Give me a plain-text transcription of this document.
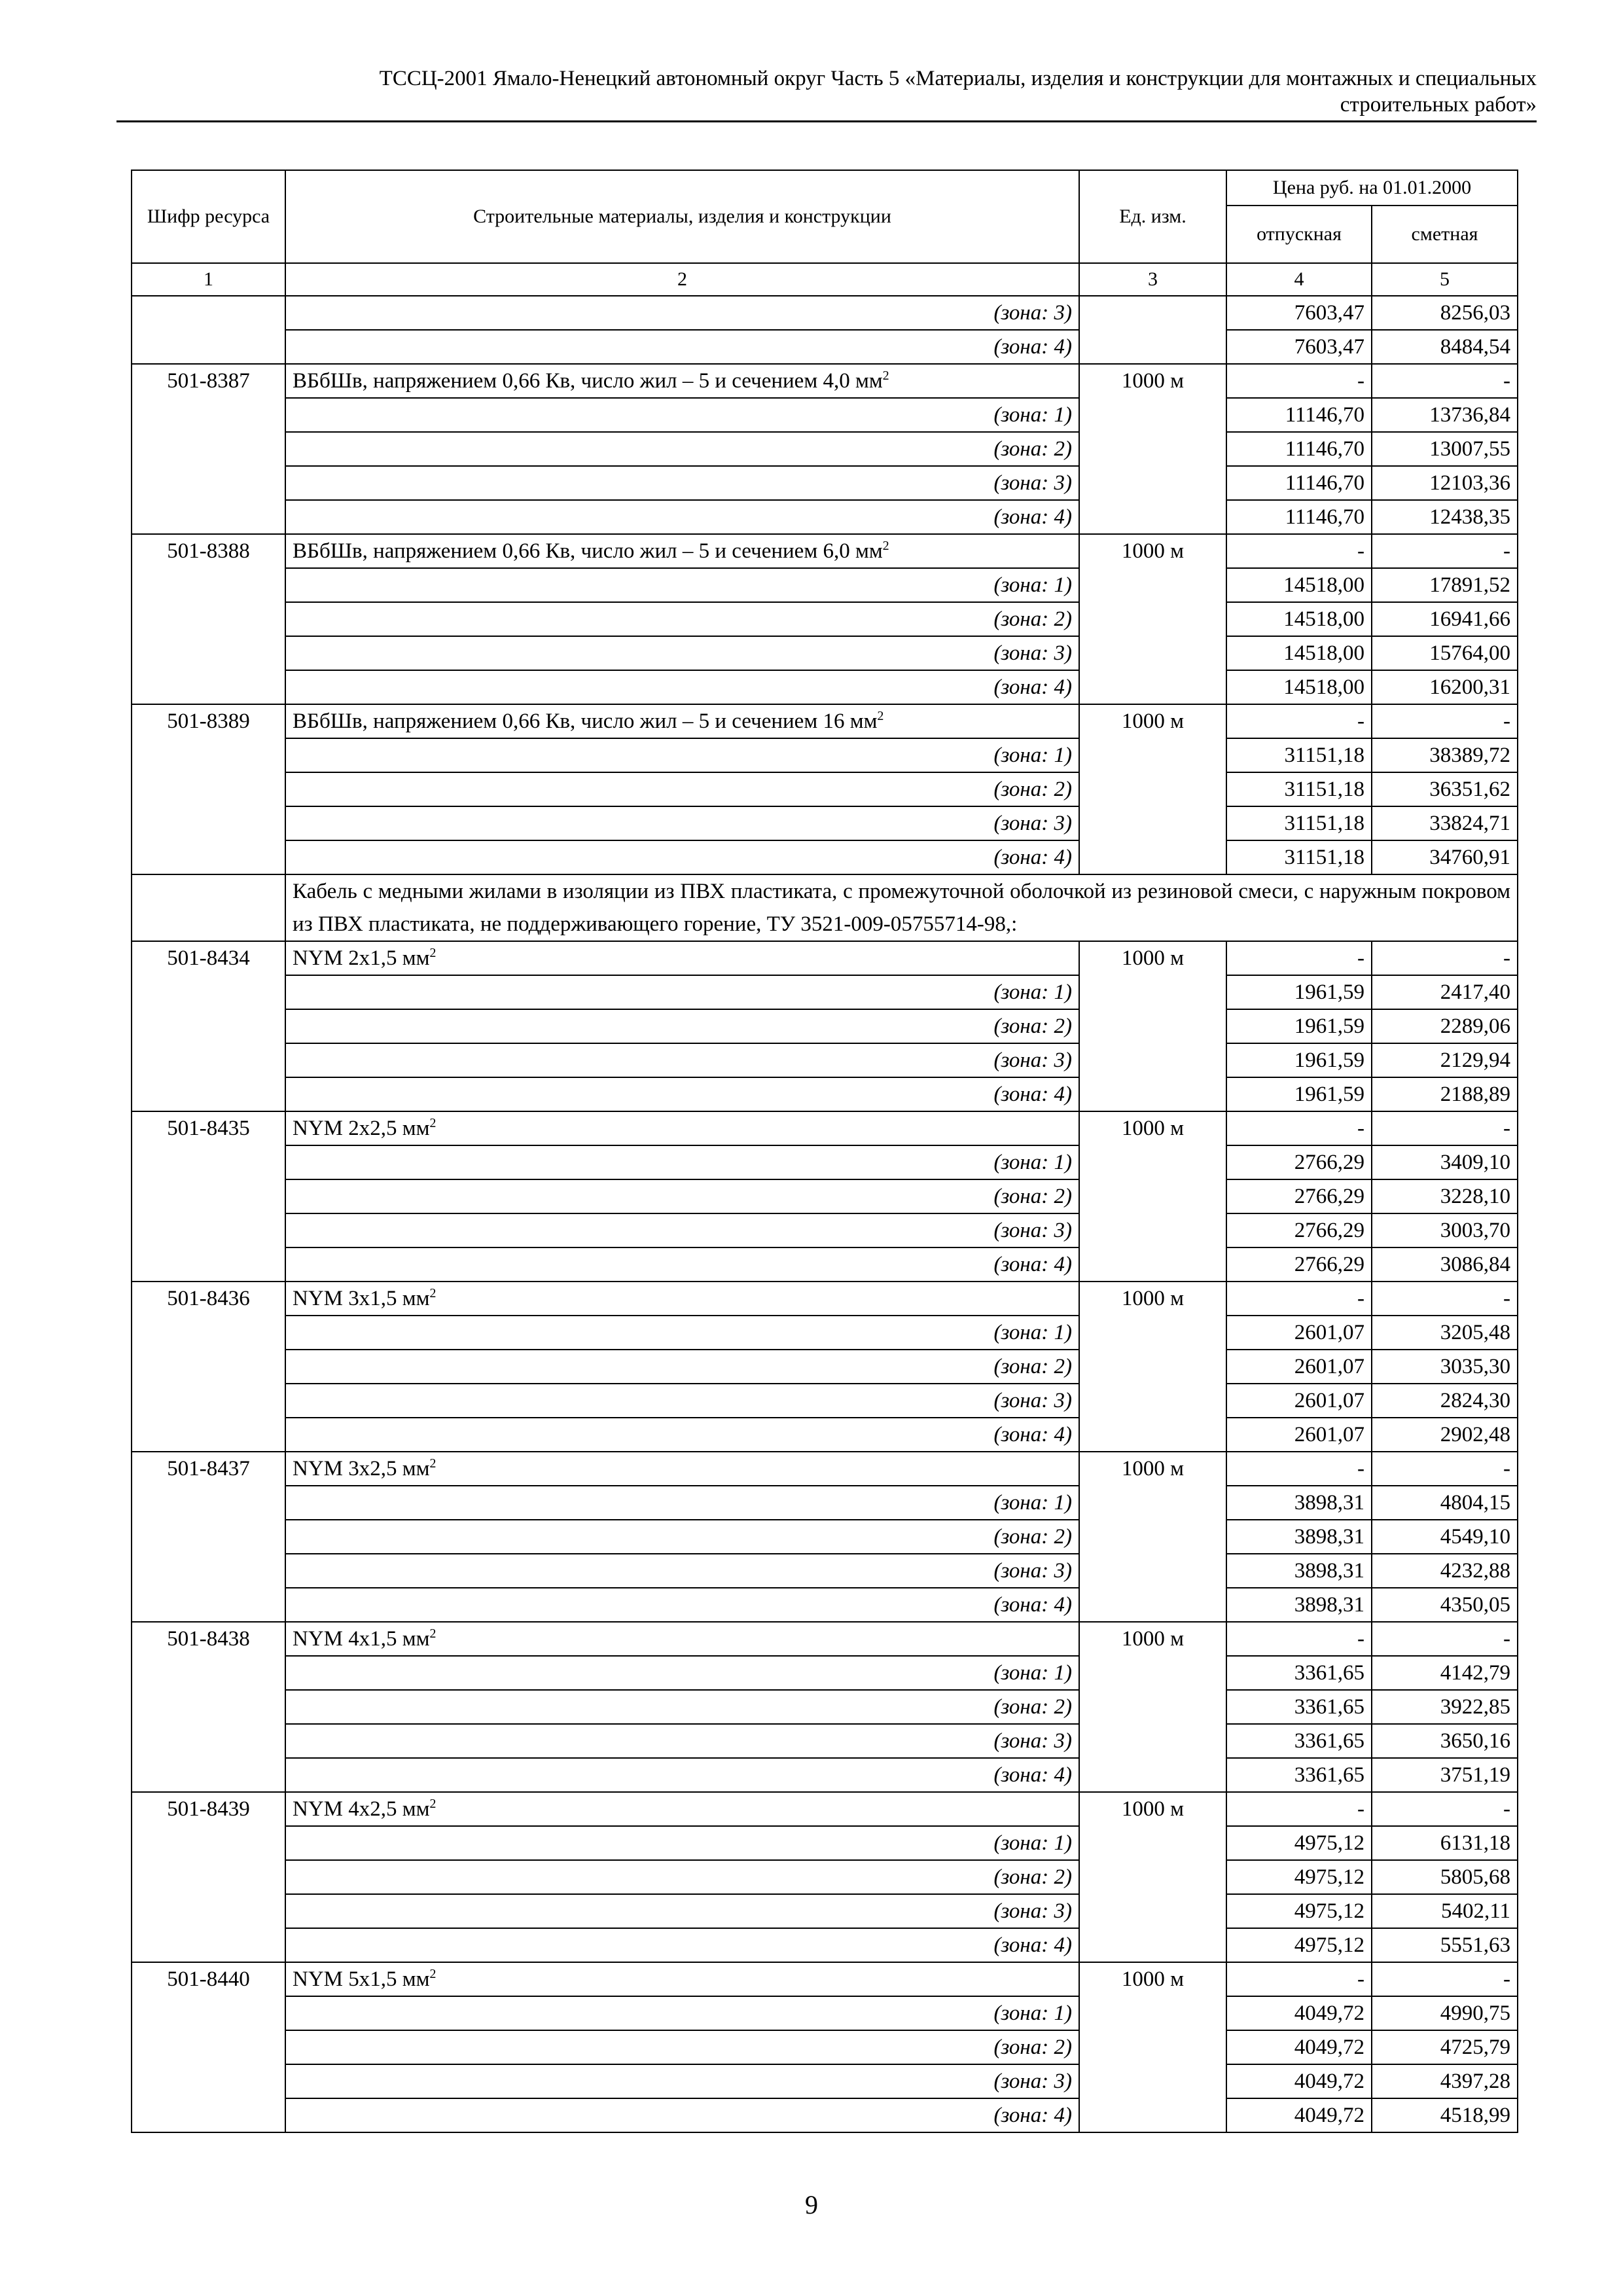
ТССЦ-2001 Ямало-Ненецкий автономный округ Часть 5 «Материалы, изделия и конструкции для монтажных и специальных
строительных работ»
Шифр ресурса	Строительные материалы, изделия и конструкции	Ед. изм.	Цена руб. на 01.01.2000	
			отпускная	сметная
1	2	3	4	5
	(зона: 3)		7603,47	8256,03
	(зона: 4)		7603,47	8484,54
501-8387	ВБбШв, напряжением 0,66 Кв, число жил – 5 и сечением 4,0 $мм^2$	1000 м	-	-
	(зона: 1)		11146,70	13736,84
	(зона: 2)		11146,70	13007,55
	(зона: 3)		11146,70	12103,36
	(зона: 4)		11146,70	12438,35
501-8388	ВБбШв, напряжением 0,66 Кв, число жил – 5 и сечением 6,0 $мм^2$	1000 м	-	-
	(зона: 1)		14518,00	17891,52
	(зона: 2)		14518,00	16941,66
	(зона: 3)		14518,00	15764,00
	(зона: 4)		14518,00	16200,31
501-8389	ВБбШв, напряжением 0,66 Кв, число жил – 5 и сечением 16 $мм^2$	1000 м	-	-
	(зона: 1)		31151,18	38389,72
	(зона: 2)		31151,18	36351,62
	(зона: 3)		31151,18	33824,71
	(зона: 4)		31151,18	34760,91
	Кабель с медными жилами в изоляции из ПВХ пластиката, с промежуточной оболочкой из резиновой смеси, с наружным покровом из ПВХ пластиката, не поддерживающего горение, ТУ 3521-009-05755714-98,:			
501-8434	NYM 2х1,5 $мм^2$	1000 м	-	-
	(зона: 1)		1961,59	2417,40
	(зона: 2)		1961,59	2289,06
	(зона: 3)		1961,59	2129,94
	(зона: 4)		1961,59	2188,89
501-8435	NYM 2х2,5 $мм^2$	1000 м	-	-
	(зона: 1)		2766,29	3409,10
	(зона: 2)		2766,29	3228,10
	(зона: 3)		2766,29	3003,70
	(зона: 4)		2766,29	3086,84
501-8436	NYM 3х1,5 $мм^2$	1000 м	-	-
	(зона: 1)		2601,07	3205,48
	(зона: 2)		2601,07	3035,30
	(зона: 3)		2601,07	2824,30
	(зона: 4)		2601,07	2902,48
501-8437	NYM 3х2,5 $мм^2$	1000 м	-	-
	(зона: 1)		3898,31	4804,15
	(зона: 2)		3898,31	4549,10
	(зона: 3)		3898,31	4232,88
	(зона: 4)		3898,31	4350,05
501-8438	NYM 4х1,5 $мм^2$	1000 м	-	-
	(зона: 1)		3361,65	4142,79
	(зона: 2)		3361,65	3922,85
	(зона: 3)		3361,65	3650,16
	(зона: 4)		3361,65	3751,19
501-8439	NYM 4х2,5 $мм^2$	1000 м	-	-
	(зона: 1)		4975,12	6131,18
	(зона: 2)		4975,12	5805,68
	(зона: 3)		4975,12	5402,11
	(зона: 4)		4975,12	5551,63
501-8440	NYM 5х1,5 $мм^2$	1000 м	-	-
	(зона: 1)		4049,72	4990,75
	(зона: 2)		4049,72	4725,79
	(зона: 3)		4049,72	4397,28
	(зона: 4)		4049,72	4518,99
9
